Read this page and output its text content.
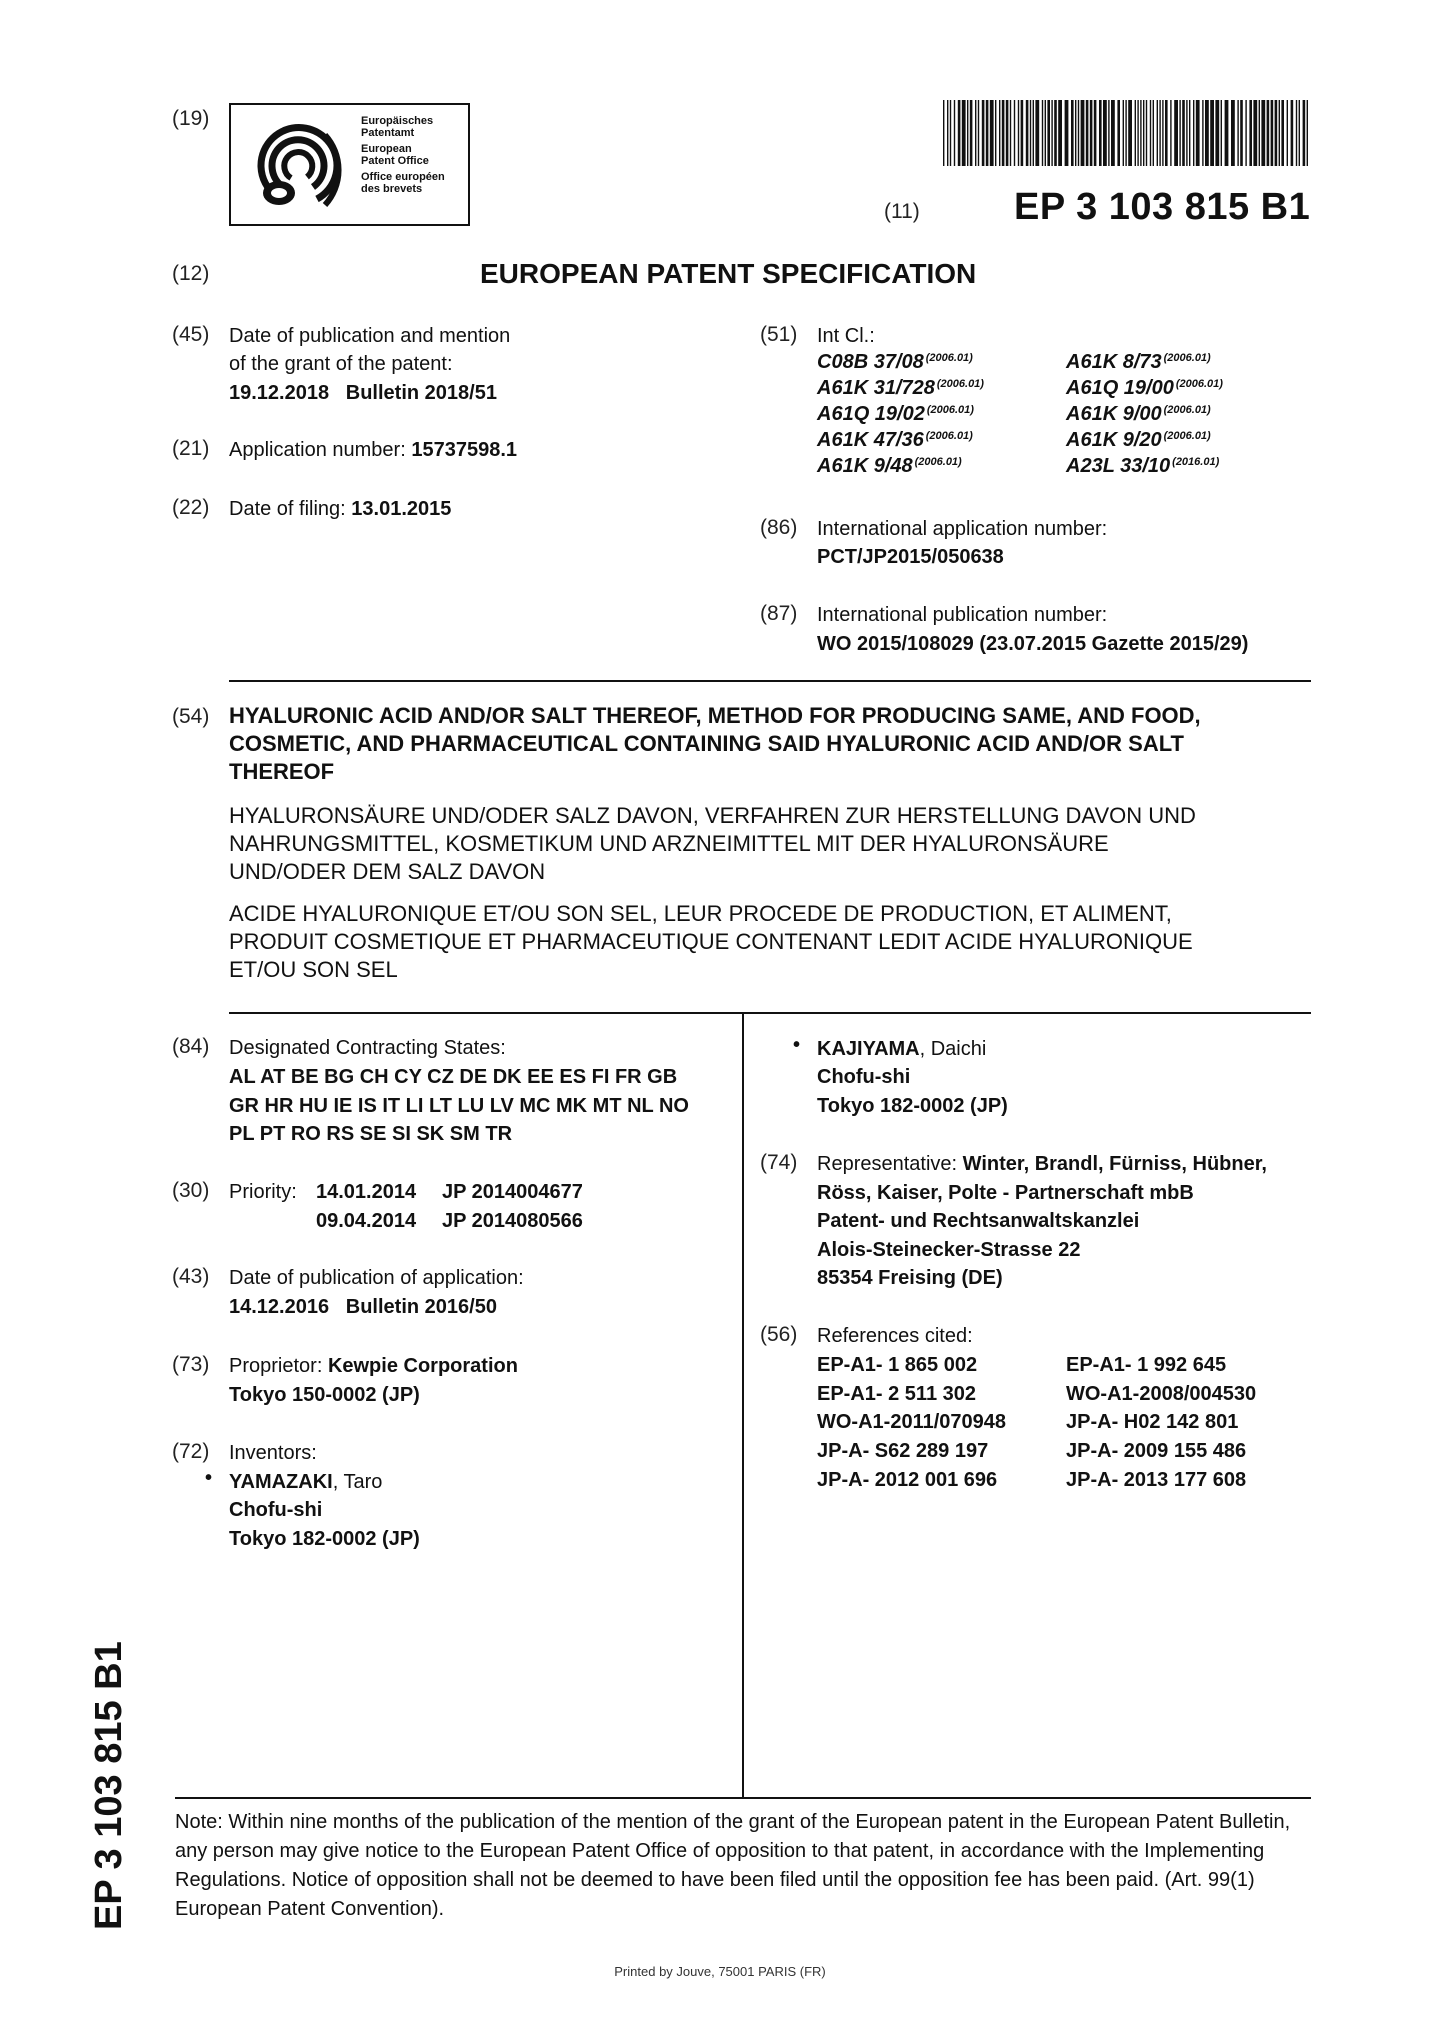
(19)	Europäisches
Patentamt
European
Patent Office
Office européen
des brevets
(11) EP 3 103 815 B1
(12)	EUROPEAN PATENT SPECIFICATION
(45) Date of publication and mention
of the grant of the patent:
19.12.2018   Bulletin 2018/51
(21) Application number: 15737598.1
(22) Date of filing: 13.01.2015
(51) Int Cl.:
C08B 37/08 $^{(2006.01)}$
A61K 31/728 $^{(2006.01)}$
A61Q 19/02 $^{(2006.01)}$
A61K 47/36 $^{(2006.01)}$
A61K 9/48 $^{(2006.01)}$
A61K 8/73 $^{(2006.01)}$
A61Q 19/00 $^{(2006.01)}$
A61K 9/00 $^{(2006.01)}$
A61K 9/20 $^{(2006.01)}$
A23L 33/10 $^{(2016.01)}$
(86) International application number:
PCT/JP2015/050638
(87) International publication number:
WO 2015/108029 (23.07.2015 Gazette 2015/29)
(54) HYALURONIC ACID AND/OR SALT THEREOF, METHOD FOR PRODUCING SAME, AND FOOD,
COSMETIC, AND PHARMACEUTICAL CONTAINING SAID HYALURONIC ACID AND/OR SALT
THEREOF
HYALURONSÄURE UND/ODER SALZ DAVON, VERFAHREN ZUR HERSTELLUNG DAVON UND
NAHRUNGSMITTEL, KOSMETIKUM UND ARZNEIMITTEL MIT DER HYALURONSÄURE
UND/ODER DEM SALZ DAVON
ACIDE HYALURONIQUE ET/OU SON SEL, LEUR PROCEDE DE PRODUCTION, ET ALIMENT,
PRODUIT COSMETIQUE ET PHARMACEUTIQUE CONTENANT LEDIT ACIDE HYALURONIQUE
ET/OU SON SEL
(84) Designated Contracting States:
AL AT BE BG CH CY CZ DE DK EE ES FI FR GB
GR HR HU IE IS IT LI LT LU LV MC MK MT NL NO
PL PT RO RS SE SI SK SM TR
(30) Priority: 14.01.2014 JP 2014004677
09.04.2014 JP 2014080566
(43) Date of publication of application:
14.12.2016   Bulletin 2016/50
(73) Proprietor: Kewpie Corporation
Tokyo 150-0002 (JP)
(72) Inventors:
• YAMAZAKI, Taro
Chofu-shi
Tokyo 182-0002 (JP)
• KAJIYAMA, Daichi
Chofu-shi
Tokyo 182-0002 (JP)
(74) Representative: Winter, Brandl, Fürniss, Hübner,
Röss, Kaiser, Polte - Partnerschaft mbB
Patent- und Rechtsanwaltskanzlei
Alois-Steinecker-Strasse 22
85354 Freising (DE)
(56) References cited:
EP-A1- 1 865 002
EP-A1- 2 511 302
WO-A1-2011/070948
JP-A- S62 289 197
JP-A- 2012 001 696
EP-A1- 1 992 645
WO-A1-2008/004530
JP-A- H02 142 801
JP-A- 2009 155 486
JP-A- 2013 177 608
EP 3 103 815 B1 Note: Within nine months of the publication of the mention of the grant of the European patent in the European Patent Bulletin, any person may give notice to the European Patent Office of opposition to that patent, in accordance with the Implementing Regulations. Notice of opposition shall not be deemed to have been filed until the opposition fee has been paid. (Art. 99(1) European Patent Convention).
Printed by Jouve, 75001 PARIS (FR)
